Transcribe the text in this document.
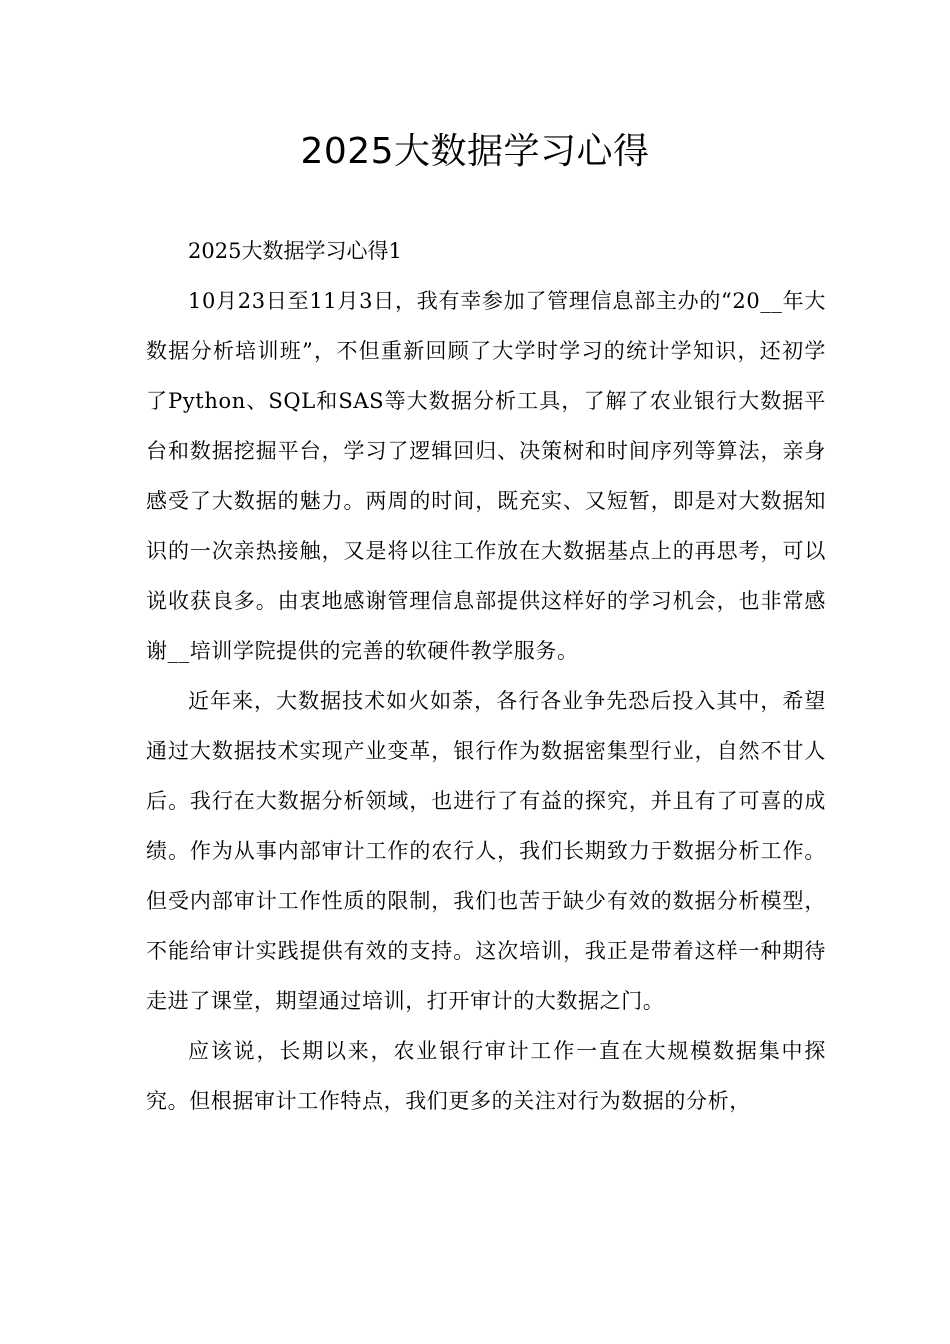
2025大数据学习心得

2025大数据学习心得1

10月23日至11月3日，我有幸参加了管理信息部主办的“20__年大数据分析培训班”，不但重新回顾了大学时学习的统计学知识，还初学了Python、SQL和SAS等大数据分析工具，了解了农业银行大数据平台和数据挖掘平台，学习了逻辑回归、决策树和时间序列等算法，亲身感受了大数据的魅力。两周的时间，既充实、又短暂，即是对大数据知识的一次亲热接触，又是将以往工作放在大数据基点上的再思考，可以说收获良多。由衷地感谢管理信息部提供这样好的学习机会，也非常感谢__培训学院提供的完善的软硬件教学服务。

近年来，大数据技术如火如荼，各行各业争先恐后投入其中，希望通过大数据技术实现产业变革，银行作为数据密集型行业，自然不甘人后。我行在大数据分析领域，也进行了有益的探究，并且有了可喜的成绩。作为从事内部审计工作的农行人，我们长期致力于数据分析工作。但受内部审计工作性质的限制，我们也苦于缺少有效的数据分析模型，不能给审计实践提供有效的支持。这次培训，我正是带着这样一种期待走进了课堂，期望通过培训，打开审计的大数据之门。

应该说，长期以来，农业银行审计工作一直在大规模数据集中探究。但根据审计工作特点，我们更多的关注对行为数据的分析，
